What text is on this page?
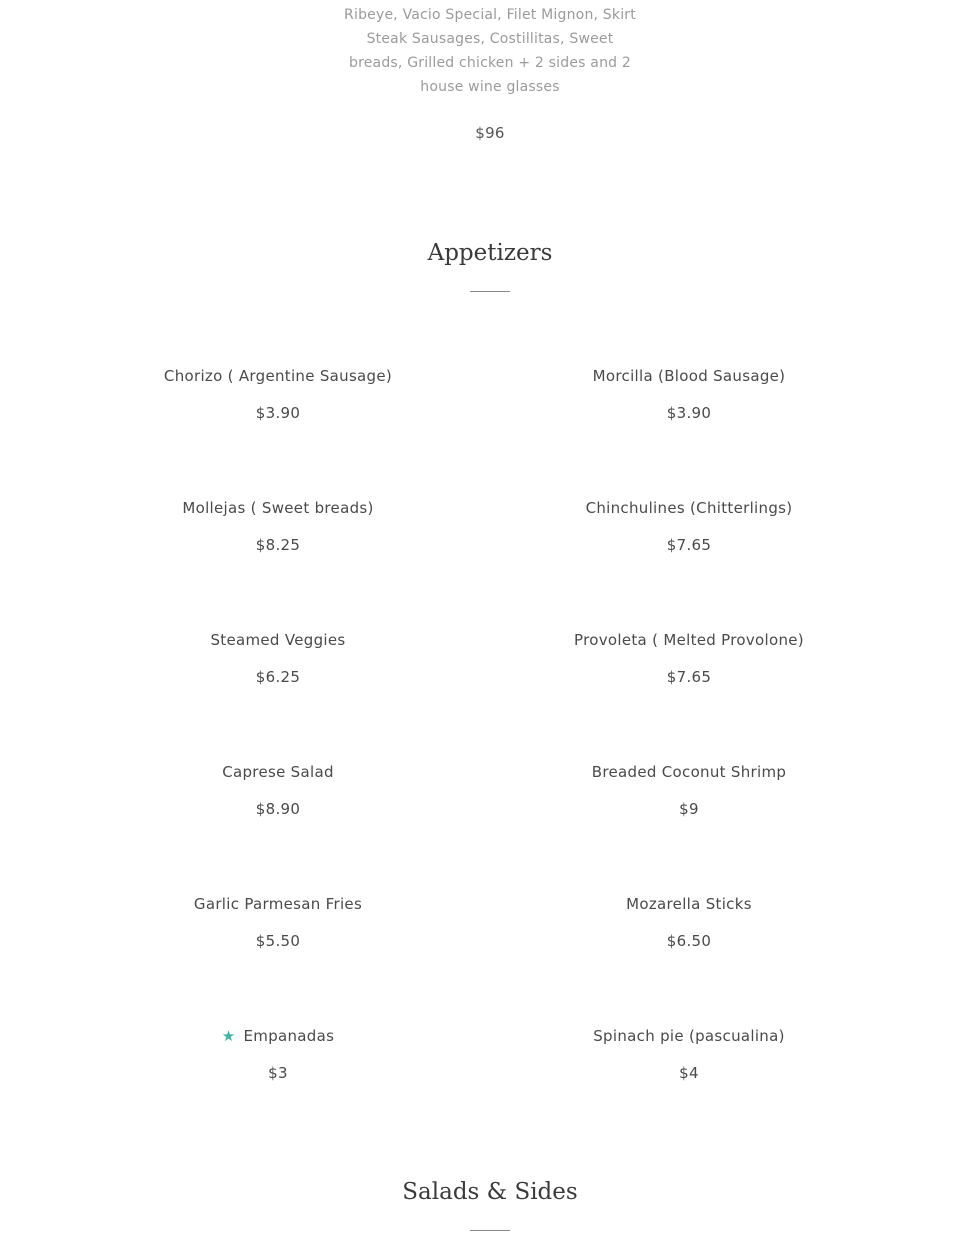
Ribeye, Vacio Special, Filet Mignon, Skirt Steak Sausages, Costillitas, Sweet breads, Grilled chicken + 2 sides and 2 house wine glasses
$96
Appetizers
Chorizo ( Argentine Sausage)
$3.90
Morcilla (Blood Sausage)
$3.90
Mollejas ( Sweet breads)
$8.25
Chinchulines (Chitterlings)
$7.65
Steamed Veggies
$6.25
Provoleta ( Melted Provolone)
$7.65
Caprese Salad
$8.90
Breaded Coconut Shrimp
$9
Garlic Parmesan Fries
$5.50
Mozarella Sticks
$6.50
★ Empanadas
$3
Spinach pie (pascualina)
$4
Salads & Sides
